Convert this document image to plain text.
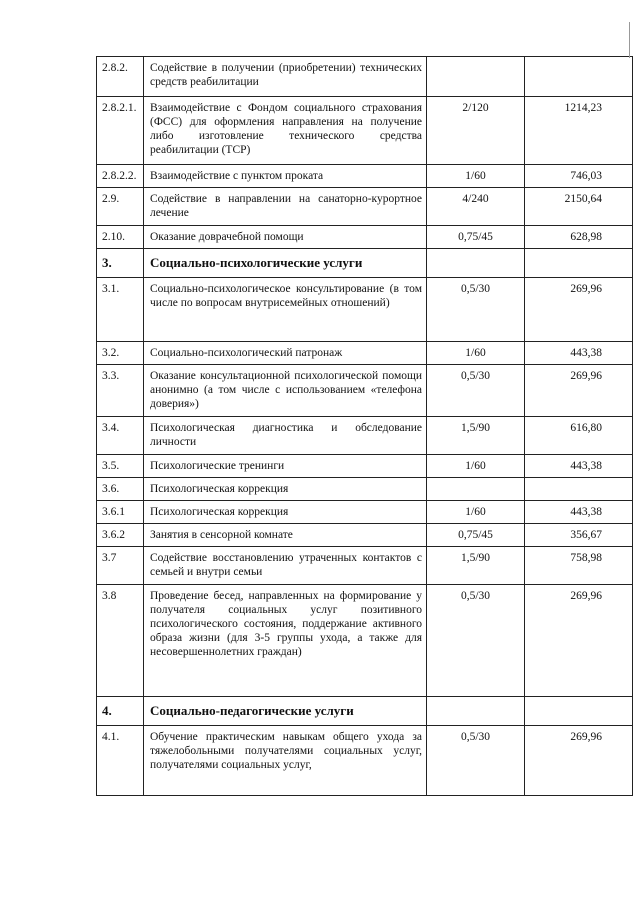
2.8.2.	Содействие в получении (приобретении) технических средств реабилитации		
2.8.2.1.	Взаимодействие с Фондом социального страхования (ФСС) для оформления направления на получение либо изготовление технического средства реабилитации (ТСР)	2/120	1214,23
2.8.2.2.	Взаимодействие с пунктом проката	1/60	746,03
2.9.	Содействие в направлении на санаторно-курортное лечение	4/240	2150,64
2.10.	Оказание доврачебной помощи	0,75/45	628,98
3.	Социально-психологические услуги		
3.1.	Социально-психологическое консультирование (в том числе по вопросам внутрисемейных отношений)	0,5/30	269,96
3.2.	Социально-психологический патронаж	1/60	443,38
3.3.	Оказание консультационной психологической помощи анонимно (а том числе с использованием «телефона доверия»)	0,5/30	269,96
3.4.	Психологическая диагностика и обследование личности	1,5/90	616,80
3.5.	Психологические тренинги	1/60	443,38
3.6.	Психологическая коррекция		
3.6.1	Психологическая коррекция	1/60	443,38
3.6.2	Занятия в сенсорной комнате	0,75/45	356,67
3.7	Содействие восстановлению утраченных контактов с семьей и внутри семьи	1,5/90	758,98
3.8	Проведение бесед, направленных на формирование у получателя социальных услуг позитивного психологического состояния, поддержание активного образа жизни (для 3-5 группы ухода, а также для несовершеннолетних граждан)	0,5/30	269,96
4.	Социально-педагогические услуги		
4.1.	Обучение практическим навыкам общего ухода за тяжелобольными получателями социальных услуг, получателями социальных услуг,	0,5/30	269,96
